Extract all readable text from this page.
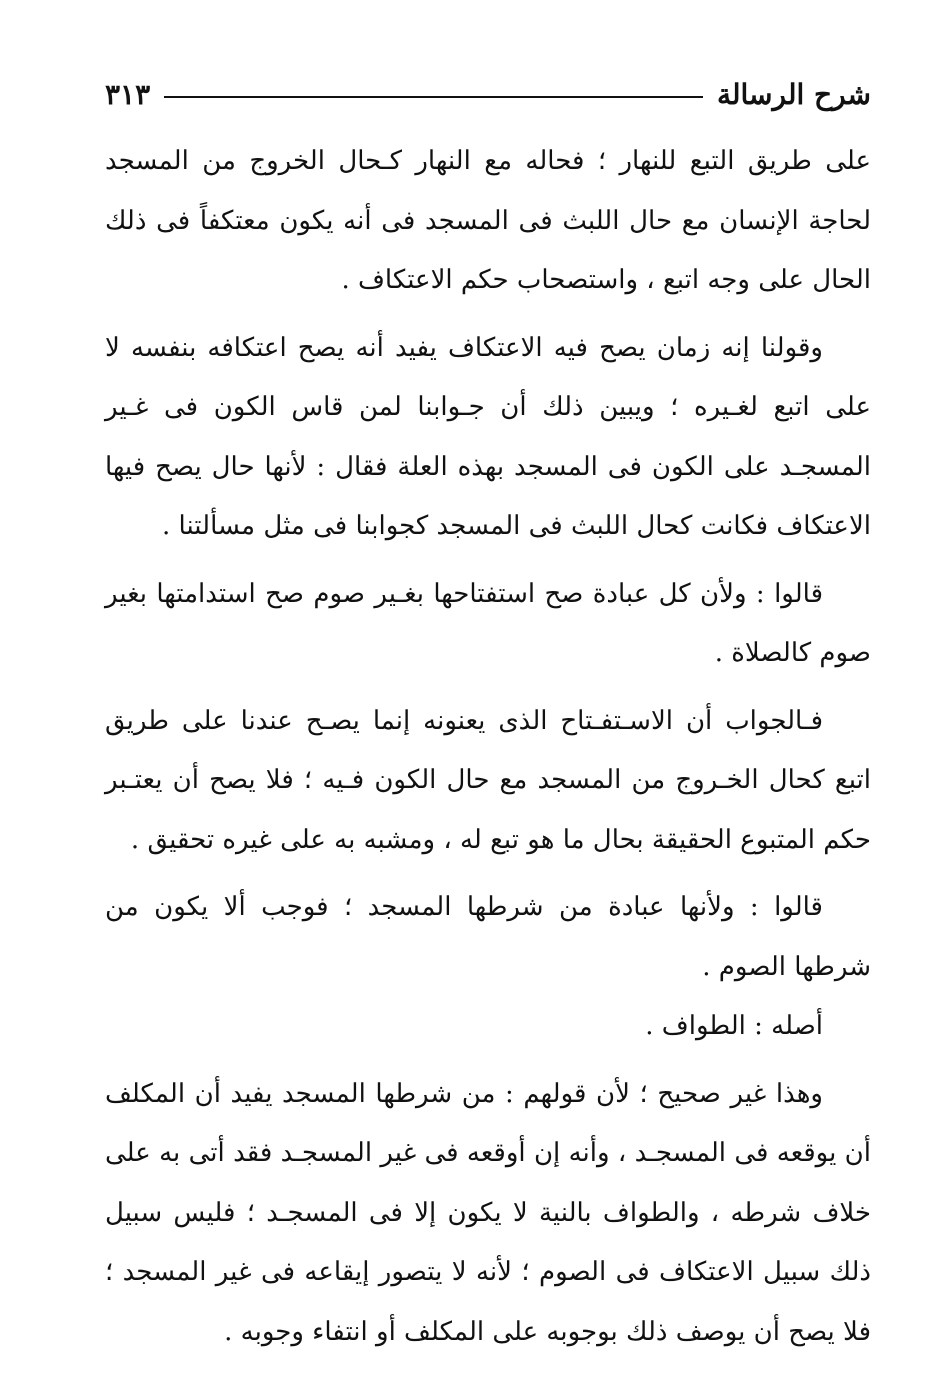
شرح الرسالة
٣١٣

على طريق التبع للنهار ؛ فحاله مع النهار كـحال الخروج من المسجد لحاجة الإنسان مع حال اللبث فى المسجد فى أنه يكون معتكفاً فى ذلك الحال على وجه اتبع ، واستصحاب حكم الاعتكاف .

وقولنا إنه زمان يصح فيه الاعتكاف يفيد أنه يصح اعتكافه بنفسه لا على اتبع لغـيره ؛ ويبين ذلك أن جـوابنا لمن قاس الكون فى غـير المسجـد على الكون فى المسجد بهذه العلة فقال : لأنها حال يصح فيها الاعتكاف فكانت كحال اللبث فى المسجد كجوابنا فى مثل مسألتنا .

قالوا : ولأن كل عبادة صح استفتاحها بغـير صوم صح استدامتها بغير صوم كالصلاة .

فـالجواب أن الاسـتفـتاح الذى يعنونه إنما يصـح عندنا على طريق اتبع كحال الخـروج من المسجد مع حال الكون فـيه ؛ فلا يصح أن يعتـبر حكم المتبوع الحقيقة بحال ما هو تبع له ، ومشبه به على غيره تحقيق .

قالوا : ولأنها عبادة من شرطها المسجد ؛ فوجب ألا يكون من شرطها الصوم .

أصله : الطواف .

وهذا غير صحيح ؛ لأن قولهم : من شرطها المسجد يفيد أن المكلف أن يوقعه فى المسجـد ، وأنه إن أوقعه فى غير المسجـد فقد أتى به على خلاف شرطه ، والطواف بالنية لا يكون إلا فى المسجـد ؛ فليس سبيل ذلك سبيل الاعتكاف فى الصوم ؛ لأنه لا يتصور إيقاعه فى غير المسجد ؛ فلا يصح أن يوصف ذلك بوجوبه على المكلف أو انتفاء وجوبه .
